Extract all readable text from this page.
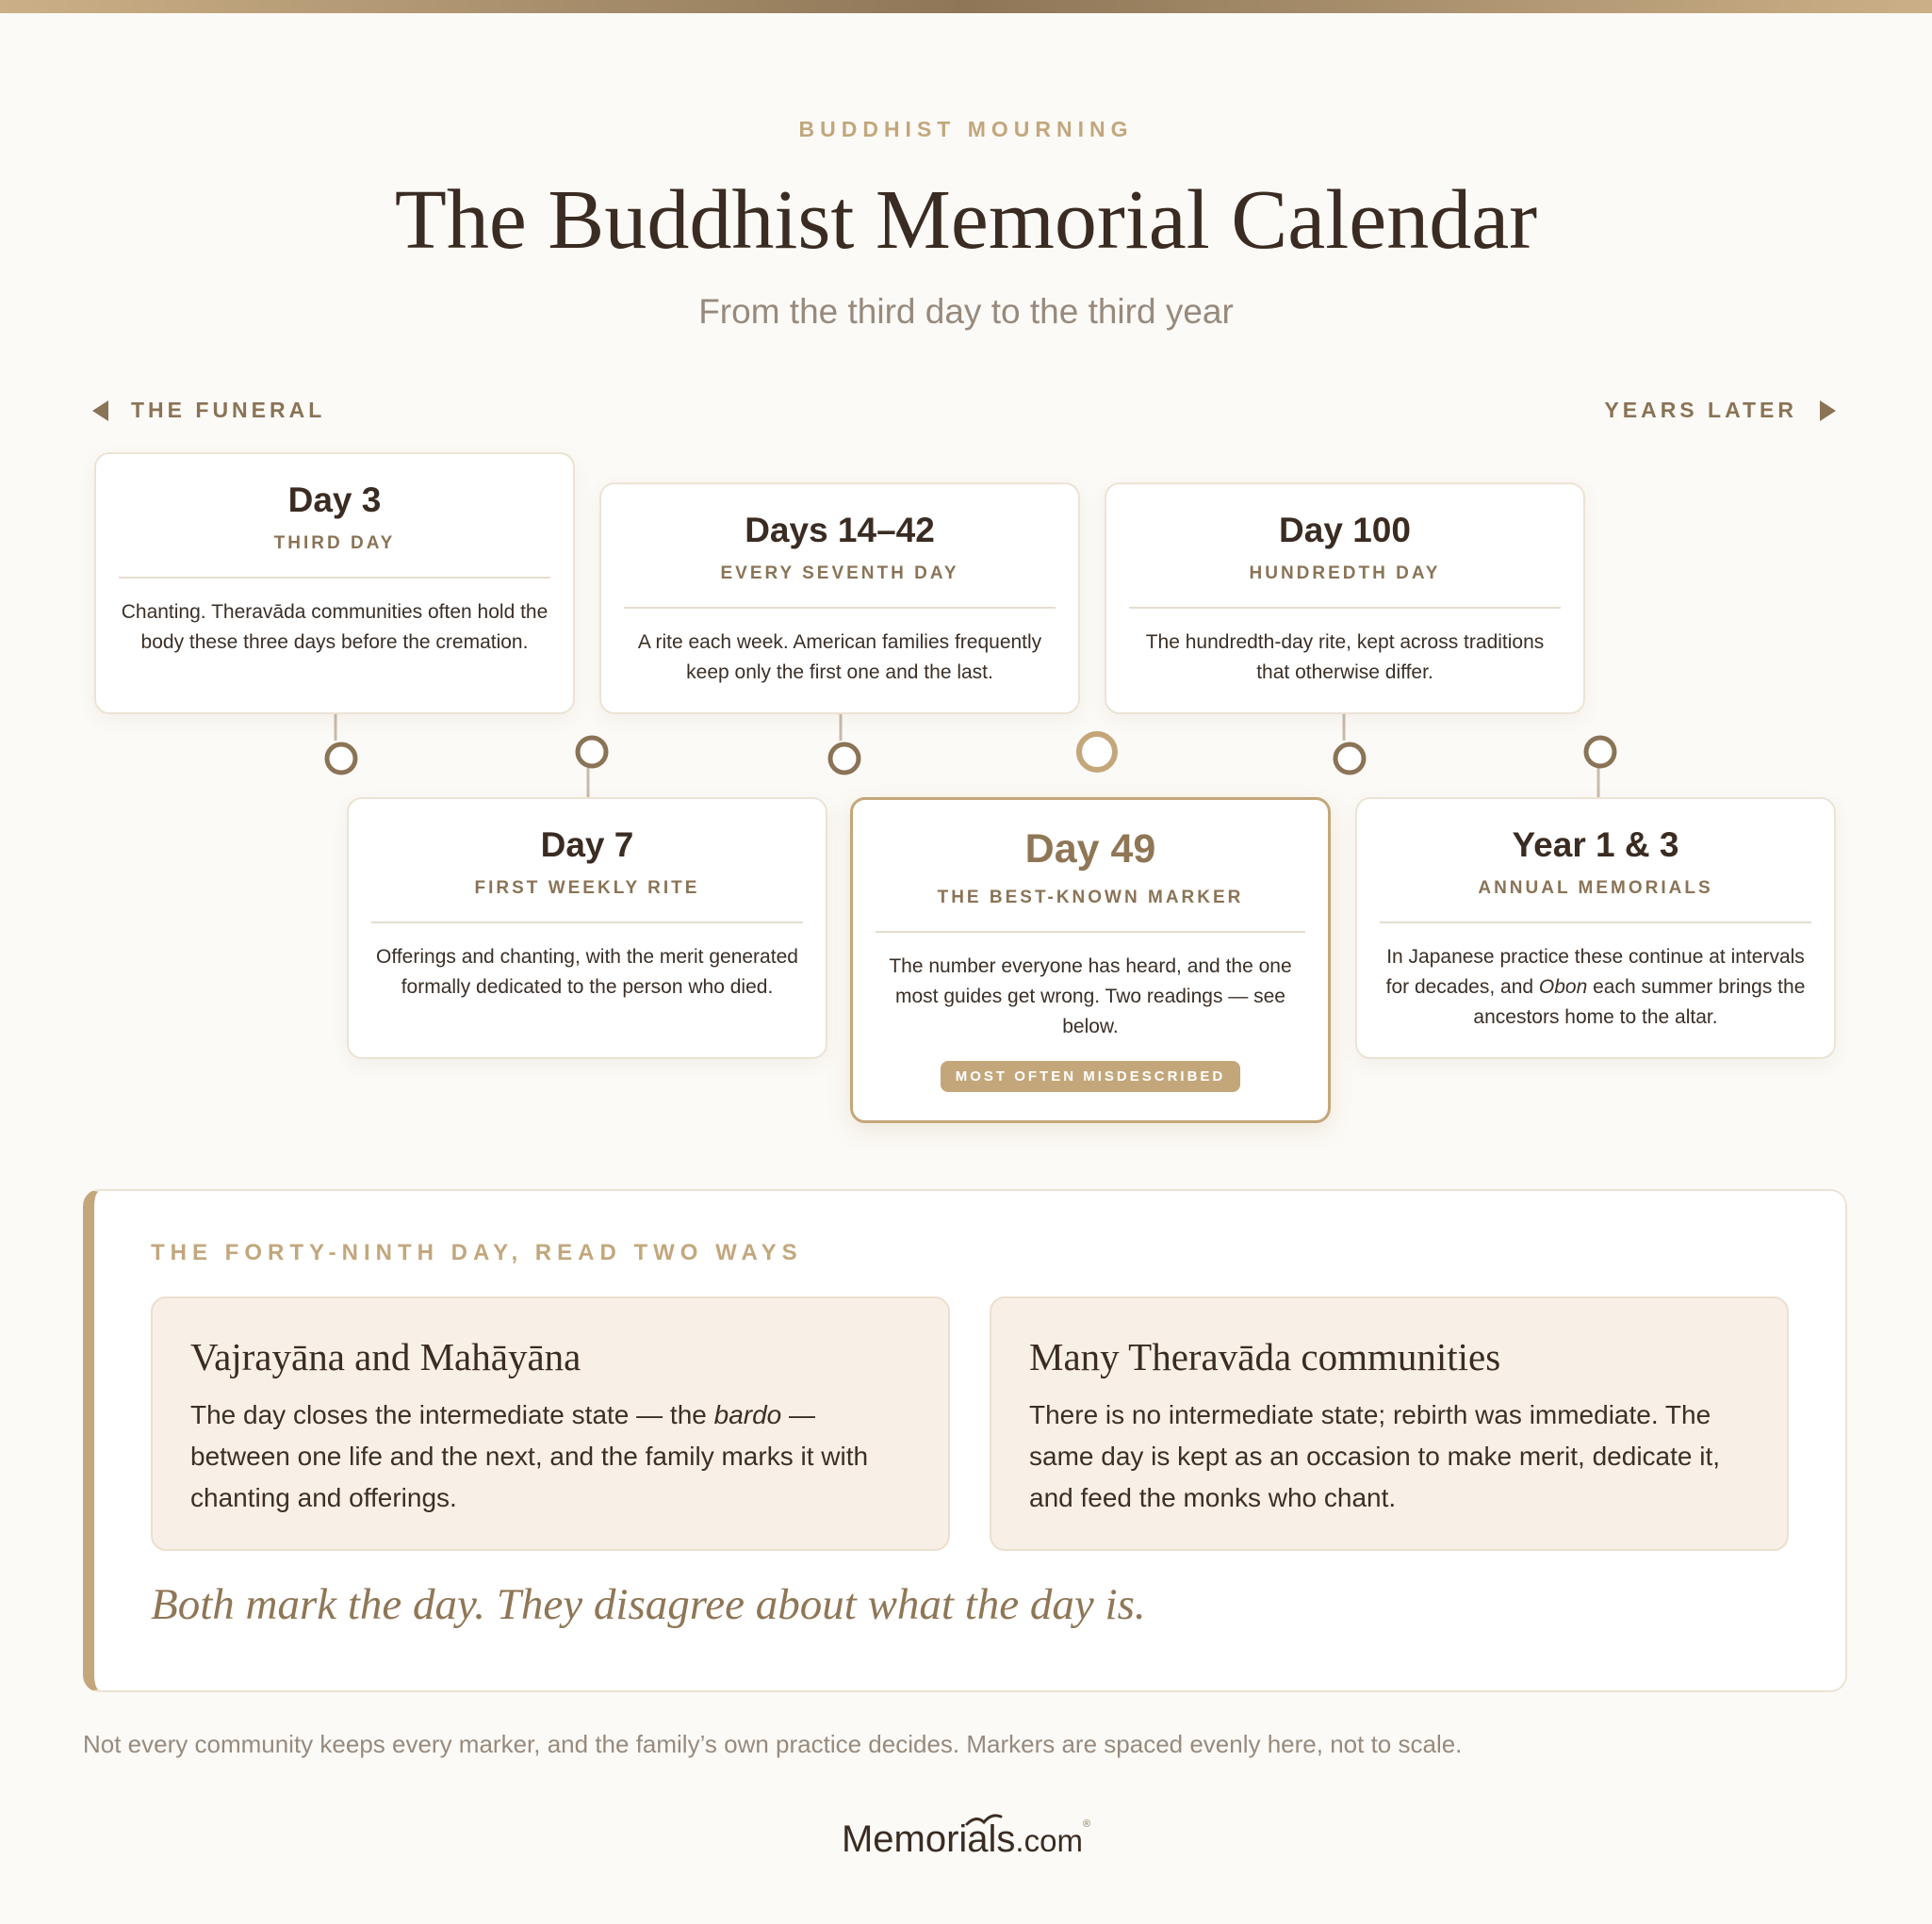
BUDDHIST MOURNING
The Buddhist Memorial Calendar
From the third day to the third year
THE FUNERAL	YEARS LATER
Day 3
THIRD DAY
Chanting. Theravāda communities often hold the body these three days before the cremation.
Days 14–42
EVERY SEVENTH DAY
A rite each week. American families frequently keep only the first one and the last.
Day 100
HUNDREDTH DAY
The hundredth-day rite, kept across traditions that otherwise differ.
Day 7
FIRST WEEKLY RITE
Offerings and chanting, with the merit generated formally dedicated to the person who died.
Day 49
THE BEST-KNOWN MARKER
The number everyone has heard, and the one most guides get wrong. Two readings — see below.
MOST OFTEN MISDESCRIBED
Year 1 & 3
ANNUAL MEMORIALS
In Japanese practice these continue at intervals for decades, and Obon each summer brings the ancestors home to the altar.
THE FORTY-NINTH DAY, READ TWO WAYS
Vajrayāna and Mahāyāna
The day closes the intermediate state — the bardo — between one life and the next, and the family marks it with chanting and offerings.
Many Theravāda communities
There is no intermediate state; rebirth was immediate. The same day is kept as an occasion to make merit, dedicate it, and feed the monks who chant.
Both mark the day. They disagree about what the day is.
Not every community keeps every marker, and the family’s own practice decides. Markers are spaced evenly here, not to scale.
Memorials.com®
